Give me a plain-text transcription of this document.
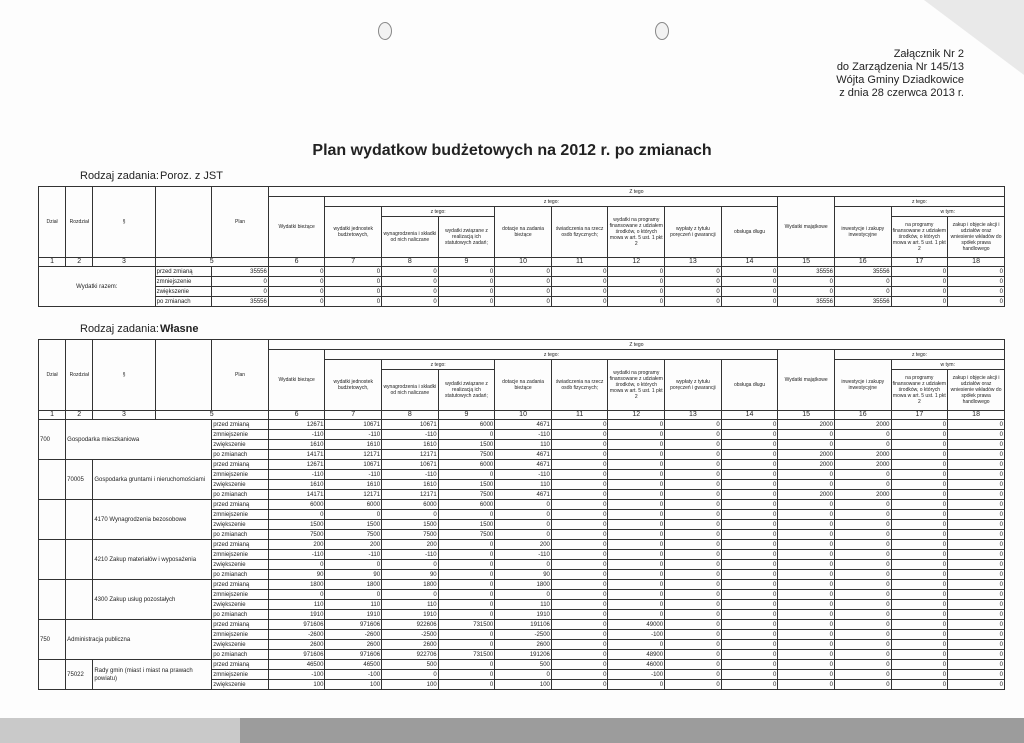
Załącznik Nr 2
do Zarządzenia Nr 145/13
Wójta Gminy Dziadkowice
z dnia 28 czerwca 2013 r.
Plan wydatkow budżetowych na 2012 r. po zmianach
Rodzaj zadania: Poroz. z JST
Rodzaj zadania: Własne
Dział	Rozdział	§		Plan	Z tego												
					Wydatki bieżące	z tego:								Wydatki majątkowe	z tego:		
						wydatki jednostek budżetowych,	z tego:		dotacje na zadania bieżące	świadczenia na rzecz osób fizycznych;	wydatki na programy finansowane z udziałem środków, o których mowa w art. 5 ust. 1 pkt 2	wypłaty z tytułu poręczeń i gwarancji	obsługa długu		inwestycje i zakupy inwestycyjne	w tym:	
							wynagrodzenia i składki od nich naliczane	wydatki związane z realizacją ich statutowych zadań;								na programy finansowane z udziałem środków, o których mowa w art. 5 ust. 1 pkt 2	zakup i objęcie akcji i udziałów oraz wniesienie wkładów do spółek prawa handlowego
1	2	3	5		6	7	8	9	10	11	12	13	14	15	16	17	18
Wydatki razem:			przed zmianą	35556	0	0	0	0	0	0	0	0	0	35556	35556	0	0
			zmniejszenie	0	0	0	0	0	0	0	0	0	0	0	0	0	0
			zwiększenie	0	0	0	0	0	0	0	0	0	0	0	0	0	0
			po zmianach	35556	0	0	0	0	0	0	0	0	0	35556	35556	0	0
Dział	Rozdział	§		Plan	Z tego												
					Wydatki bieżące	z tego:								Wydatki majątkowe	z tego:		
						wydatki jednostek budżetowych,	z tego:		dotacje na zadania bieżące	świadczenia na rzecz osób fizycznych;	wydatki na programy finansowane z udziałem środków, o których mowa w art. 5 ust. 1 pkt 2	wypłaty z tytułu poręczeń i gwarancji	obsługa długu		inwestycje i zakupy inwestycyjne	w tym:	
							wynagrodzenia i składki od nich naliczane	wydatki związane z realizacją ich statutowych zadań;								na programy finansowane z udziałem środków, o których mowa w art. 5 ust. 1 pkt 2	zakup i objęcie akcji i udziałów oraz wniesienie wkładów do spółek prawa handlowego
1	2	3	5		6	7	8	9	10	11	12	13	14	15	16	17	18
700	Gospodarka mieszkaniowa			przed zmianą	12671	10671	10671	6000	4671	0	0	0	0	2000	2000	0	0
				zmniejszenie	-110	-110	-110	0	-110	0	0	0	0	0	0	0	0
				zwiększenie	1610	1610	1610	1500	110	0	0	0	0	0	0	0	0
				po zmianach	14171	12171	12171	7500	4671	0	0	0	0	2000	2000	0	0
	70005	Gospodarka gruntami i nieruchomościami		przed zmianą	12671	10671	10671	6000	4671	0	0	0	0	2000	2000	0	0
				zmniejszenie	-110	-110	-110	0	-110	0	0	0	0	0	0	0	0
				zwiększenie	1610	1610	1610	1500	110	0	0	0	0	0	0	0	0
				po zmianach	14171	12171	12171	7500	4671	0	0	0	0	2000	2000	0	0
		4170 Wynagrodzenia bezosobowe		przed zmianą	6000	6000	6000	6000	0	0	0	0	0	0	0	0	0
				zmniejszenie	0	0	0	0	0	0	0	0	0	0	0	0	0
				zwiększenie	1500	1500	1500	1500	0	0	0	0	0	0	0	0	0
				po zmianach	7500	7500	7500	7500	0	0	0	0	0	0	0	0	0
		4210 Zakup materiałów i wyposażenia		przed zmianą	200	200	200	0	200	0	0	0	0	0	0	0	0
				zmniejszenie	-110	-110	-110	0	-110	0	0	0	0	0	0	0	0
				zwiększenie	0	0	0	0	0	0	0	0	0	0	0	0	0
				po zmianach	90	90	90	0	90	0	0	0	0	0	0	0	0
		4300 Zakup usług pozostałych		przed zmianą	1800	1800	1800	0	1800	0	0	0	0	0	0	0	0
				zmniejszenie	0	0	0	0	0	0	0	0	0	0	0	0	0
				zwiększenie	110	110	110	0	110	0	0	0	0	0	0	0	0
				po zmianach	1910	1910	1910	0	1910	0	0	0	0	0	0	0	0
750	Administracja publiczna			przed zmianą	971606	971606	922606	731500	191106	0	49000	0	0	0	0	0	0
				zmniejszenie	-2600	-2600	-2500	0	-2500	0	-100	0	0	0	0	0	0
				zwiększenie	2600	2600	2600	0	2600	0	0	0	0	0	0	0	0
				po zmianach	971606	971606	922706	731500	191206	0	48900	0	0	0	0	0	0
	75022	Rady gmin (miast i miast na prawach powiatu)		przed zmianą	46500	46500	500	0	500	0	46000	0	0	0	0	0	0
				zmniejszenie	-100	-100	0	0	0	0	-100	0	0	0	0	0	0
				zwiększenie	100	100	100	0	100	0	0	0	0	0	0	0	0
